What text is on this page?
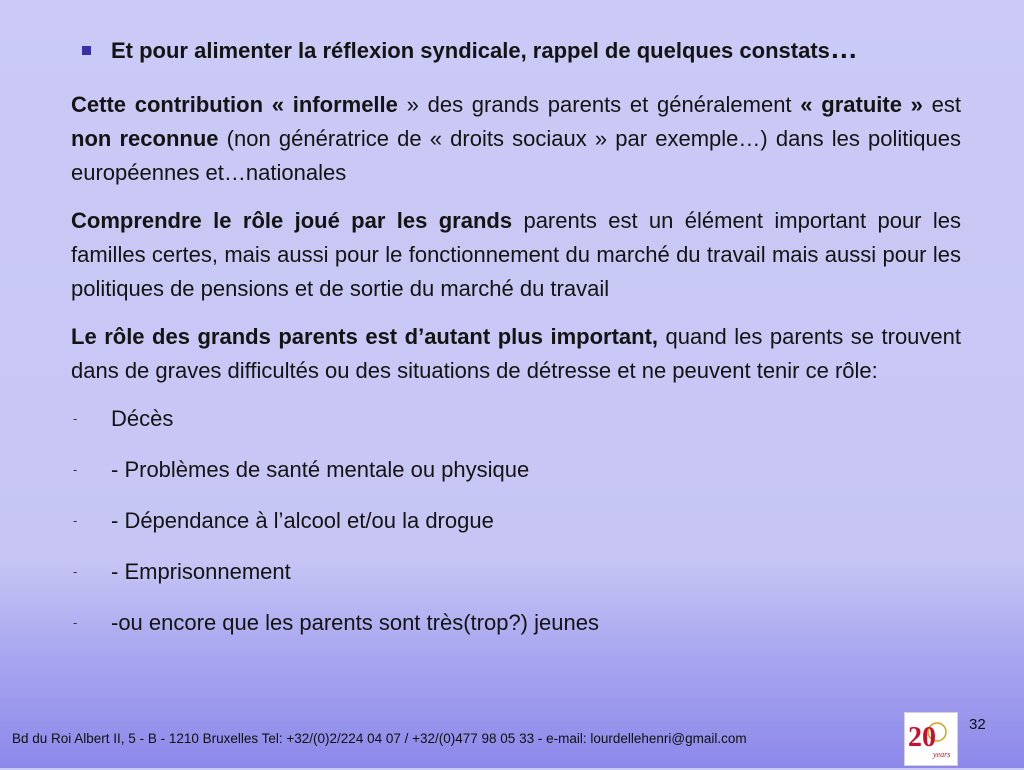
Et pour alimenter la réflexion syndicale, rappel de quelques constats…

Cette contribution « informelle » des grands parents et généralement « gratuite » est non reconnue (non génératrice de « droits sociaux » par exemple…) dans les politiques européennes et…nationales

Comprendre le rôle joué par les grands parents est un élément important pour les familles certes, mais aussi pour le fonctionnement du marché du travail mais aussi pour les politiques de pensions et de sortie du marché du travail

Le rôle des grands parents est d’autant plus important, quand les parents se trouvent dans de graves difficultés ou des situations de détresse et ne peuvent tenir ce rôle:

- Décès
- - Problèmes de santé mentale ou physique
- - Dépendance à l’alcool et/ou la drogue
- - Emprisonnement
- -ou encore que les parents sont très(trop?) jeunes
Bd du Roi Albert II, 5 - B - 1210 Bruxelles Tel: +32/(0)2/224 04 07 / +32/(0)477 98 05 33 - e-mail: lourdellehenri@gmail.com
32
20
years
